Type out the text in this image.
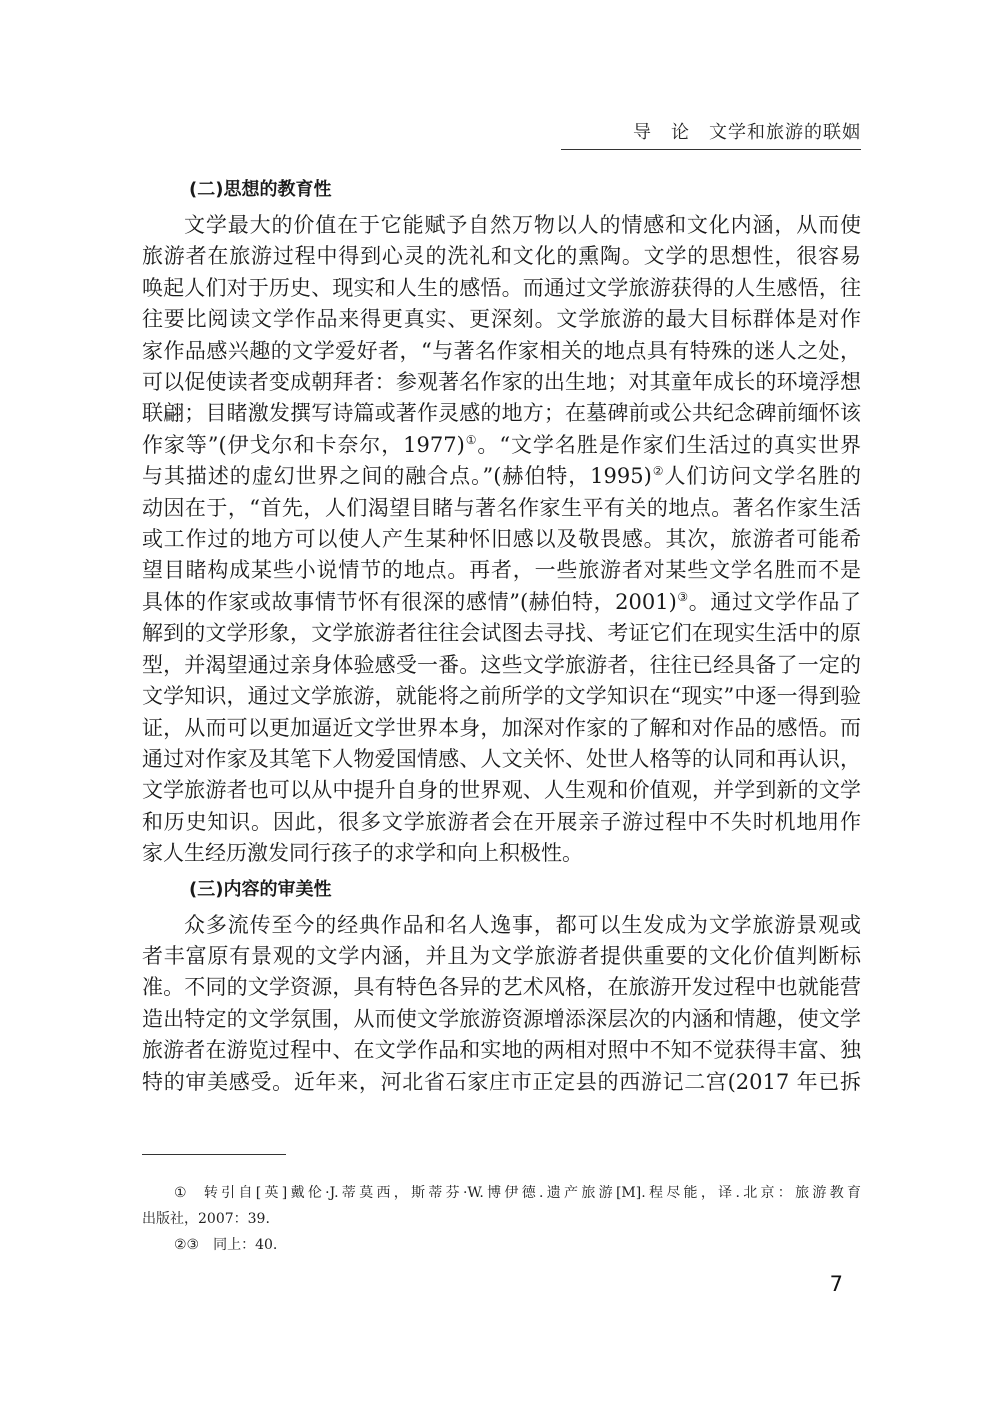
导　论　文学和旅游的联姻
(二)思想的教育性

文学最大的价值在于它能赋予自然万物以人的情感和文化内涵，从而使

旅游者在旅游过程中得到心灵的洗礼和文化的熏陶。文学的思想性，很容易

唤起人们对于历史、现实和人生的感悟。而通过文学旅游获得的人生感悟，往

往要比阅读文学作品来得更真实、更深刻。文学旅游的最大目标群体是对作

家作品感兴趣的文学爱好者，“与著名作家相关的地点具有特殊的迷人之处，

可以促使读者变成朝拜者：参观著名作家的出生地；对其童年成长的环境浮想

联翩；目睹激发撰写诗篇或著作灵感的地方；在墓碑前或公共纪念碑前缅怀该

作家等”(伊戈尔和卡奈尔，1977)①。“文学名胜是作家们生活过的真实世界

与其描述的虚幻世界之间的融合点。”(赫伯特，1995)②人们访问文学名胜的

动因在于，“首先，人们渴望目睹与著名作家生平有关的地点。著名作家生活

或工作过的地方可以使人产生某种怀旧感以及敬畏感。其次，旅游者可能希

望目睹构成某些小说情节的地点。再者，一些旅游者对某些文学名胜而不是

具体的作家或故事情节怀有很深的感情”(赫伯特，2001)③。通过文学作品了

解到的文学形象，文学旅游者往往会试图去寻找、考证它们在现实生活中的原

型，并渴望通过亲身体验感受一番。这些文学旅游者，往往已经具备了一定的

文学知识，通过文学旅游，就能将之前所学的文学知识在“现实”中逐一得到验

证，从而可以更加逼近文学世界本身，加深对作家的了解和对作品的感悟。而

通过对作家及其笔下人物爱国情感、人文关怀、处世人格等的认同和再认识，

文学旅游者也可以从中提升自身的世界观、人生观和价值观，并学到新的文学

和历史知识。因此，很多文学旅游者会在开展亲子游过程中不失时机地用作

家人生经历激发同行孩子的求学和向上积极性。

(三)内容的审美性

众多流传至今的经典作品和名人逸事，都可以生发成为文学旅游景观或

者丰富原有景观的文学内涵，并且为文学旅游者提供重要的文化价值判断标

准。不同的文学资源，具有特色各异的艺术风格，在旅游开发过程中也就能营

造出特定的文学氛围，从而使文学旅游资源增添深层次的内涵和情趣，使文学

旅游者在游览过程中、在文学作品和实地的两相对照中不知不觉获得丰富、独

特的审美感受。近年来，河北省石家庄市正定县的西游记二宫(2017 年已拆

① 转引自[英]戴伦·J.蒂莫西，斯蒂芬·W.博伊德.遗产旅游[M].程尽能，译.北京：旅游教育

出版社，2007：39.

②③ 同上：40.

7
